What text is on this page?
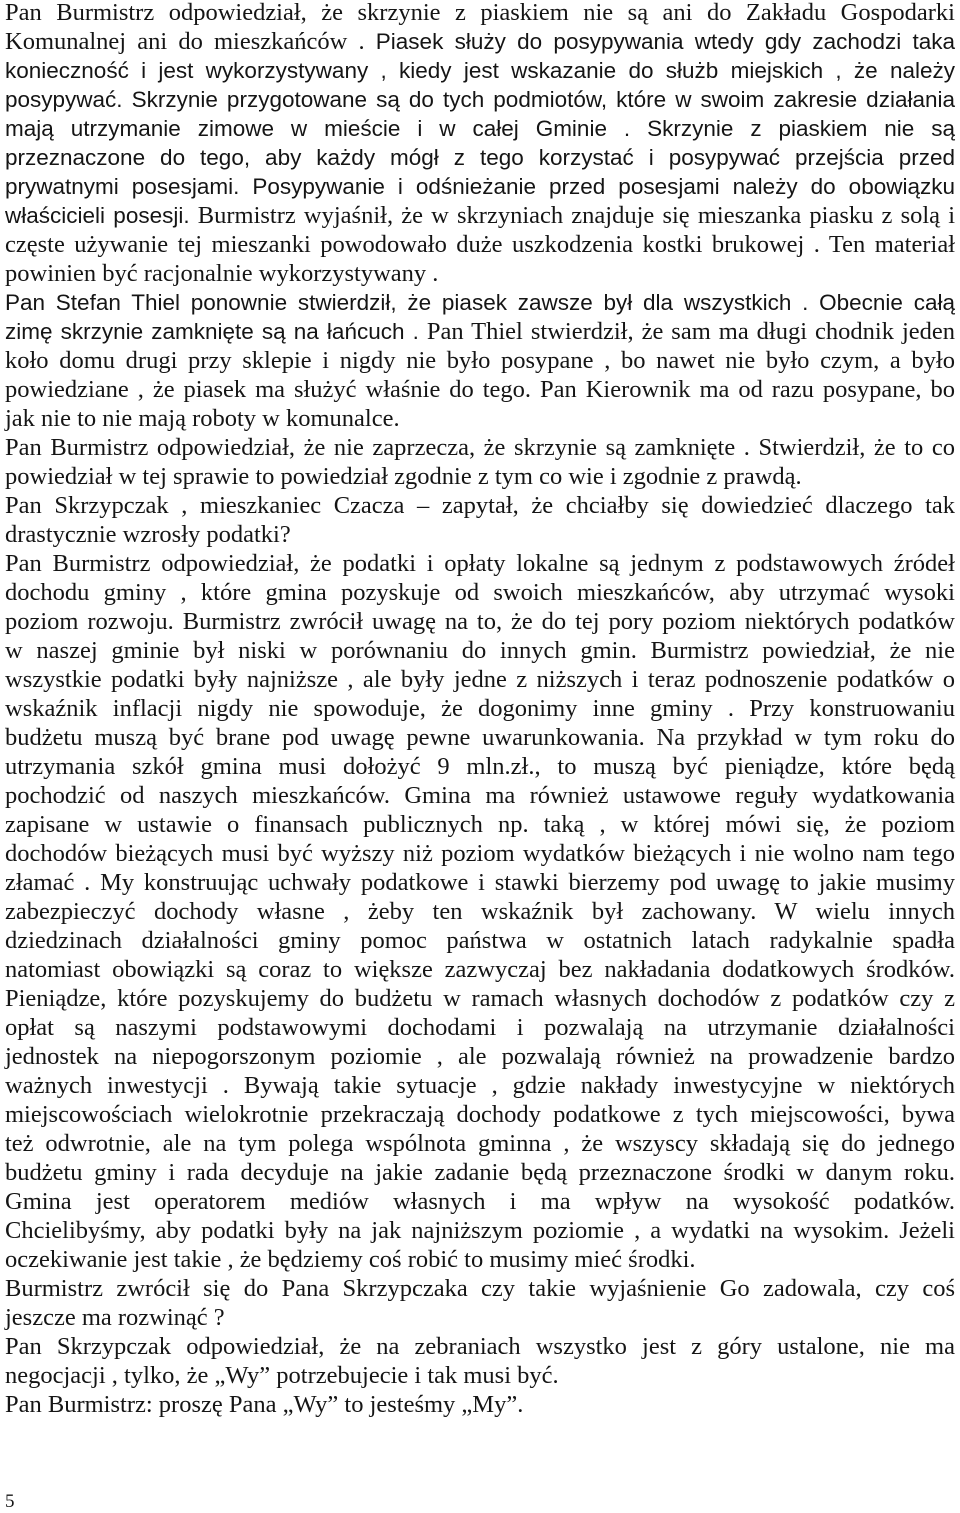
Pan Burmistrz odpowiedział, że skrzynie z piaskiem nie są ani do Zakładu Gospodarki
Komunalnej ani do mieszkańców . Piasek służy do posypywania wtedy gdy zachodzi taka
konieczność i jest wykorzystywany , kiedy jest wskazanie do służb miejskich , że należy
posypywać. Skrzynie przygotowane są do tych podmiotów, które w swoim zakresie działania
mają utrzymanie zimowe w mieście i w całej Gminie . Skrzynie z piaskiem nie są
przeznaczone do tego, aby każdy mógł z tego korzystać i posypywać przejścia przed
prywatnymi posesjami. Posypywanie i odśnieżanie przed posesjami należy do obowiązku
właścicieli posesji. Burmistrz wyjaśnił, że w skrzyniach znajduje się mieszanka piasku z solą i
częste używanie tej mieszanki powodowało duże uszkodzenia kostki brukowej . Ten materiał
powinien być racjonalnie wykorzystywany .
Pan Stefan Thiel ponownie stwierdził, że piasek zawsze był dla wszystkich . Obecnie całą
zimę skrzynie zamknięte są na łańcuch . Pan Thiel stwierdził, że sam ma długi chodnik jeden
koło domu drugi przy sklepie i nigdy nie było posypane , bo nawet nie było czym, a było
powiedziane , że piasek ma służyć właśnie do tego. Pan Kierownik ma od razu posypane, bo
jak nie to nie mają roboty w komunalce.
Pan Burmistrz odpowiedział, że nie zaprzecza, że skrzynie są zamknięte . Stwierdził, że to co
powiedział w tej sprawie to powiedział zgodnie z tym co wie i zgodnie z prawdą.
Pan Skrzypczak , mieszkaniec Czacza – zapytał, że chciałby się dowiedzieć dlaczego tak
drastycznie wzrosły podatki?
Pan Burmistrz odpowiedział, że podatki i opłaty lokalne są jednym z podstawowych źródeł
dochodu gminy , które gmina pozyskuje od swoich mieszkańców, aby utrzymać wysoki
poziom rozwoju. Burmistrz zwrócił uwagę na to, że do tej pory poziom niektórych podatków
w naszej gminie był niski w porównaniu do innych gmin. Burmistrz powiedział, że nie
wszystkie podatki były najniższe , ale były jedne z niższych i teraz podnoszenie podatków o
wskaźnik inflacji nigdy nie spowoduje, że dogonimy inne gminy . Przy konstruowaniu
budżetu muszą być brane pod uwagę pewne uwarunkowania. Na przykład w tym roku do
utrzymania szkół gmina musi dołożyć 9 mln.zł., to muszą być pieniądze, które będą
pochodzić od naszych mieszkańców. Gmina ma również ustawowe reguły wydatkowania
zapisane w ustawie o finansach publicznych np. taką , w której mówi się, że poziom
dochodów bieżących musi być wyższy niż poziom wydatków bieżących i nie wolno nam tego
złamać . My konstruując uchwały podatkowe i stawki bierzemy pod uwagę to jakie musimy
zabezpieczyć dochody własne , żeby ten wskaźnik był zachowany. W wielu innych
dziedzinach działalności gminy pomoc państwa w ostatnich latach radykalnie spadła
natomiast obowiązki są coraz to większe zazwyczaj bez nakładania dodatkowych środków.
Pieniądze, które pozyskujemy do budżetu w ramach własnych dochodów z podatków czy z
opłat są naszymi podstawowymi dochodami i pozwalają na utrzymanie działalności
jednostek na niepogorszonym poziomie , ale pozwalają również na prowadzenie bardzo
ważnych inwestycji . Bywają takie sytuacje , gdzie nakłady inwestycyjne w niektórych
miejscowościach wielokrotnie przekraczają dochody podatkowe z tych miejscowości, bywa
też odwrotnie, ale na tym polega wspólnota gminna , że wszyscy składają się do jednego
budżetu gminy i rada decyduje na jakie zadanie będą przeznaczone środki w danym roku.
Gmina jest operatorem mediów własnych i ma wpływ na wysokość podatków.
Chcielibyśmy, aby podatki były na jak najniższym poziomie , a wydatki na wysokim. Jeżeli
oczekiwanie jest takie , że będziemy coś robić to musimy mieć środki.
Burmistrz zwrócił się do Pana Skrzypczaka czy takie wyjaśnienie Go zadowala, czy coś
jeszcze ma rozwinąć ?
Pan Skrzypczak odpowiedział, że na zebraniach wszystko jest z góry ustalone, nie ma
negocjacji , tylko, że „Wy” potrzebujecie i tak musi być.
Pan Burmistrz: proszę Pana „Wy” to jesteśmy „My”.
5
